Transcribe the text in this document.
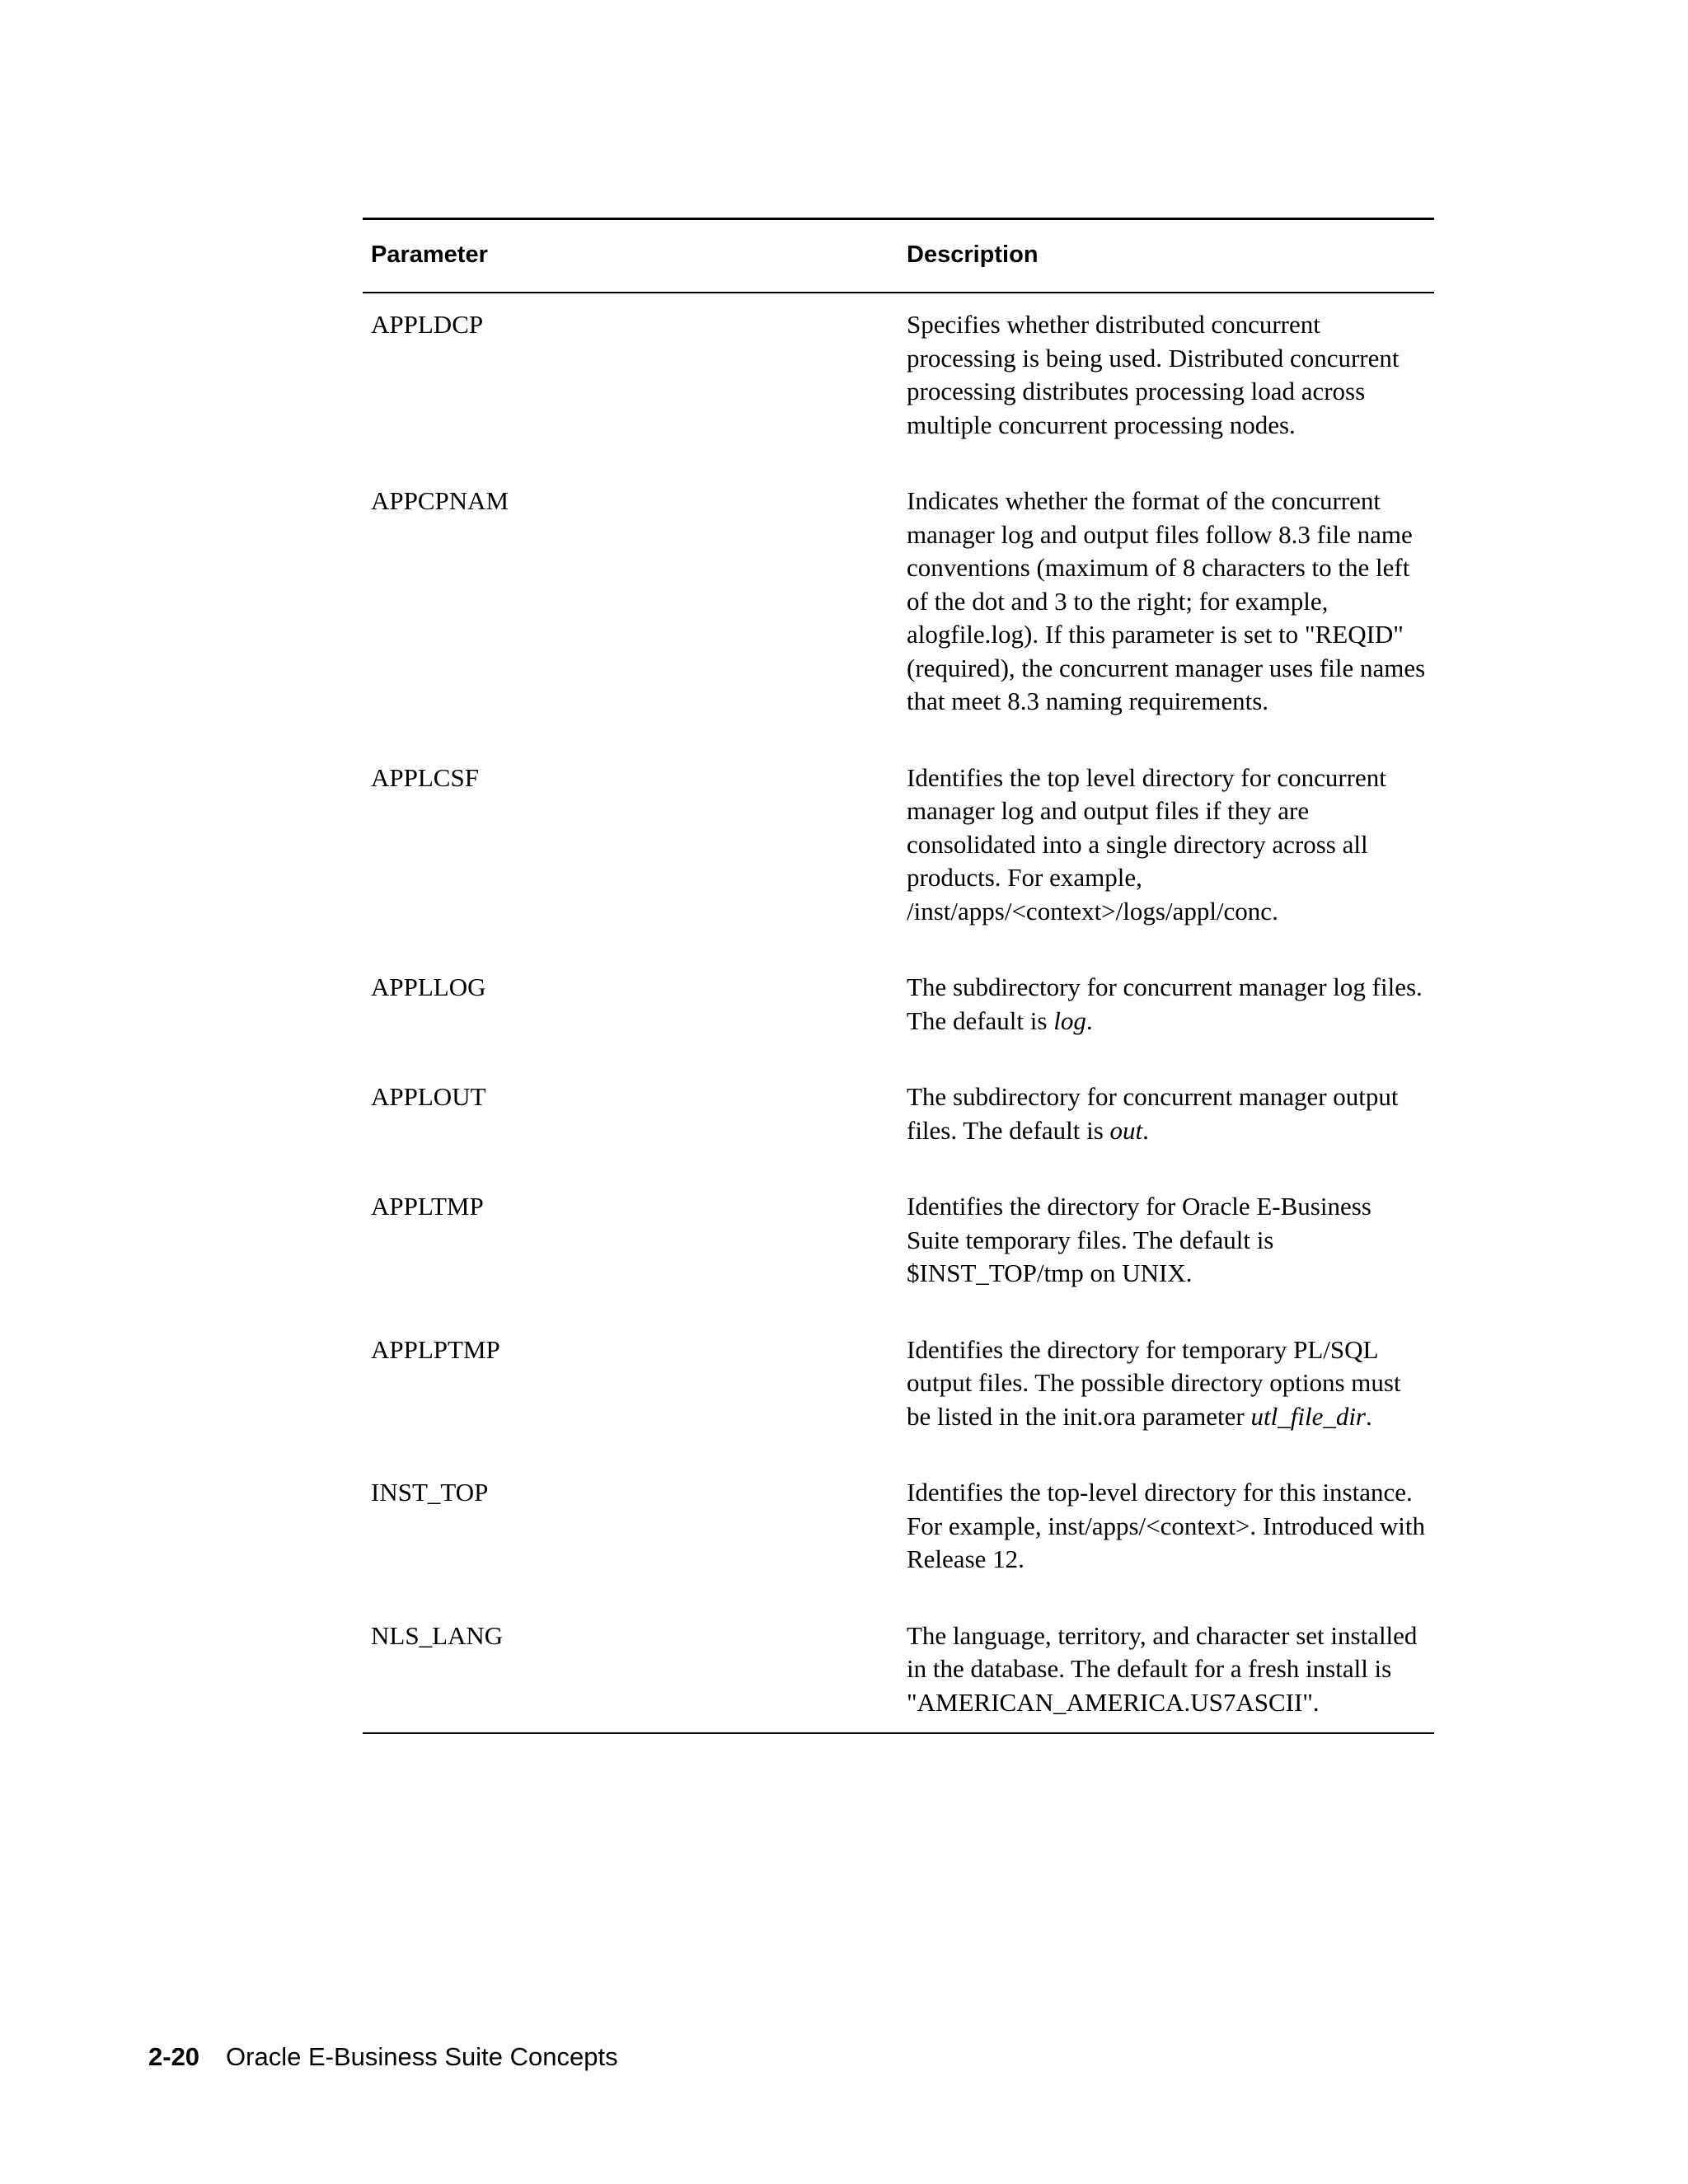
Parameter	Description
APPLDCP	Specifies whether distributed concurrent processing is being used. Distributed concurrent processing distributes processing load across multiple concurrent processing nodes.
APPCPNAM	Indicates whether the format of the concurrent manager log and output files follow 8.3 file name conventions (maximum of 8 characters to the left of the dot and 3 to the right; for example, alogfile.log). If this parameter is set to "REQID" (required), the concurrent manager uses file names that meet 8.3 naming requirements.
APPLCSF	Identifies the top level directory for concurrent manager log and output files if they are consolidated into a single directory across all products. For example, /inst/apps/<context>/logs/appl/conc.
APPLLOG	The subdirectory for concurrent manager log files. The default is log.
APPLOUT	The subdirectory for concurrent manager output files. The default is out.
APPLTMP	Identifies the directory for Oracle E-Business Suite temporary files. The default is $INST_TOP/tmp on UNIX.
APPLPTMP	Identifies the directory for temporary PL/SQL output files. The possible directory options must be listed in the init.ora parameter utl_file_dir.
INST_TOP	Identifies the top-level directory for this instance. For example, inst/apps/<context>. Introduced with Release 12.
NLS_LANG	The language, territory, and character set installed in the database. The default for a fresh install is "AMERICAN_AMERICA.US7ASCII".
2-20 Oracle E-Business Suite Concepts
